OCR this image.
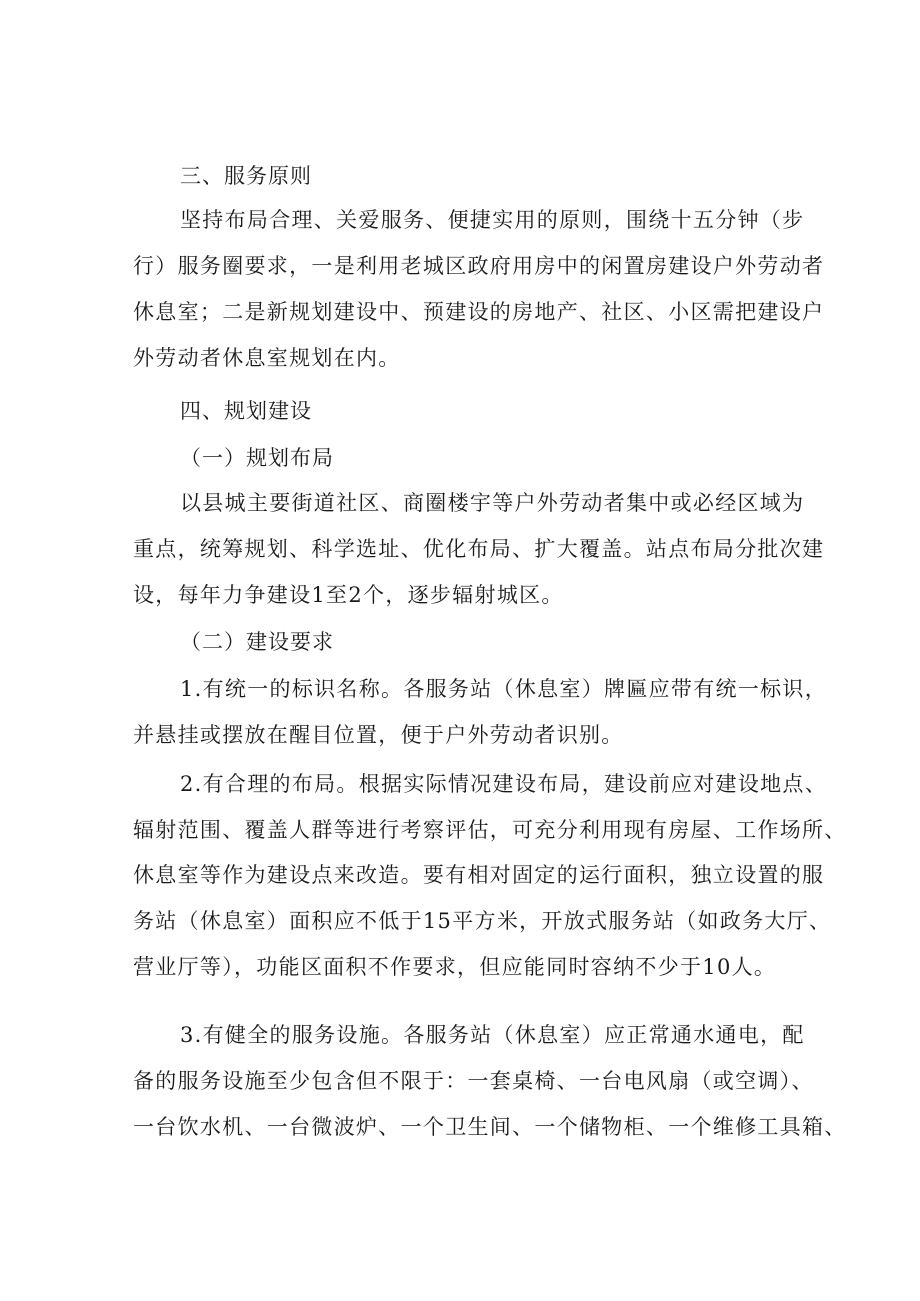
三、服务原则

坚持布局合理、关爱服务、便捷实用的原则，围绕十五分钟（步

行）服务圈要求，一是利用老城区政府用房中的闲置房建设户外劳动者

休息室；二是新规划建设中、预建设的房地产、社区、小区需把建设户

外劳动者休息室规划在内。

四、规划建设

（一）规划布局

以县城主要街道社区、商圈楼宇等户外劳动者集中或必经区域为

重点，统筹规划、科学选址、优化布局、扩大覆盖。站点布局分批次建

设，每年力争建设1至2个，逐步辐射城区。

（二）建设要求

1.有统一的标识名称。各服务站（休息室）牌匾应带有统一标识，

并悬挂或摆放在醒目位置，便于户外劳动者识别。

2.有合理的布局。根据实际情况建设布局，建设前应对建设地点、

辐射范围、覆盖人群等进行考察评估，可充分利用现有房屋、工作场所、

休息室等作为建设点来改造。要有相对固定的运行面积，独立设置的服

务站（休息室）面积应不低于15平方米，开放式服务站（如政务大厅、

营业厅等），功能区面积不作要求，但应能同时容纳不少于10人。

3.有健全的服务设施。各服务站（休息室）应正常通水通电，配

备的服务设施至少包含但不限于：一套桌椅、一台电风扇（或空调）、

一台饮水机、一台微波炉、一个卫生间、一个储物柜、一个维修工具箱、
